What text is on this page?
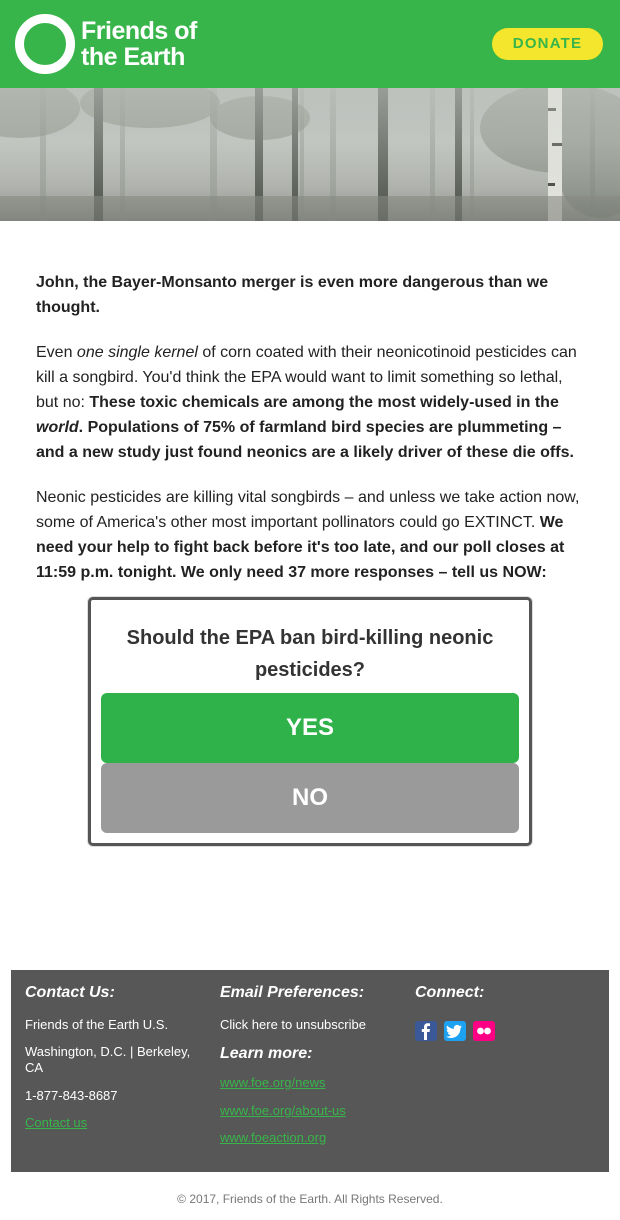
Friends of
the Earth	DONATE

John, the Bayer-Monsanto merger is even more dangerous than we thought.

Even one single kernel of corn coated with their neonicotinoid pesticides can kill a songbird. You'd think the EPA would want to limit something so lethal, but no: These toxic chemicals are among the most widely-used in the world. Populations of 75% of farmland bird species are plummeting – and a new study just found neonics are a likely driver of these die offs.

Neonic pesticides are killing vital songbirds – and unless we take action now, some of America's other most important pollinators could go EXTINCT. We need your help to fight back before it's too late, and our poll closes at 11:59 p.m. tonight. We only need 37 more responses – tell us NOW:

Should the EPA ban bird-killing neonic pesticides?
YES
NO
Contact Us:
Friends of the Earth U.S.
Washington, D.C. | Berkeley, CA
1-877-843-8687
Contact us
Email Preferences:
Click here to unsubscribe
Learn more:
www.foe.org/news
www.foe.org/about-us
www.foeaction.org
Connect:
© 2017, Friends of the Earth. All Rights Reserved.
